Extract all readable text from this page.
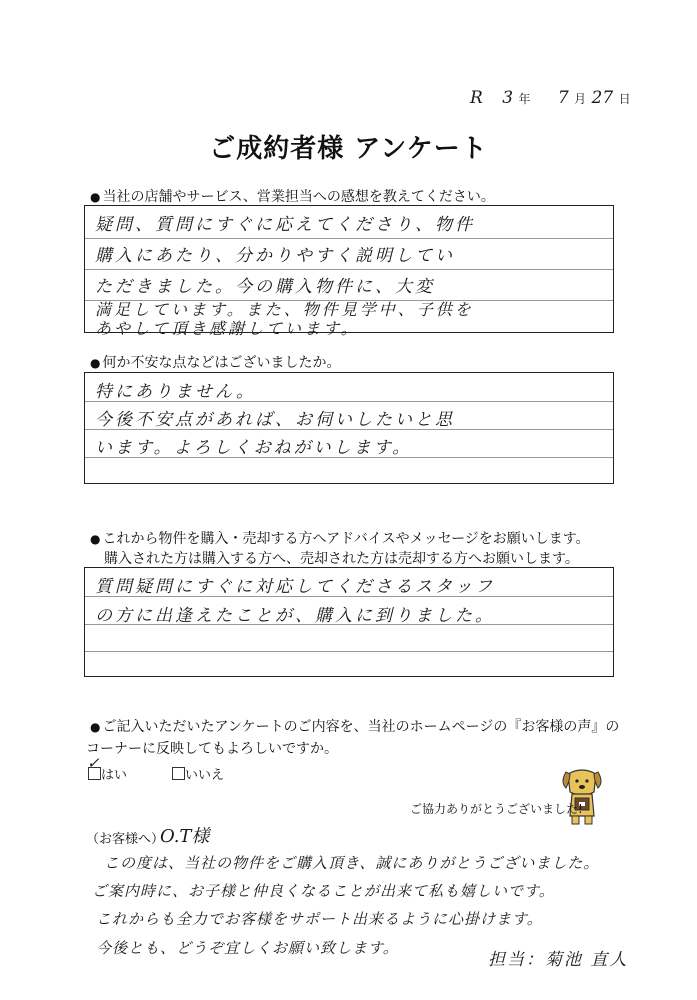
R 3 年 7 月 27 日
ご成約者様 アンケート
● 当社の店舗やサービス、営業担当への感想を教えてください。
疑問、質問にすぐに応えてくださり、物件
購入にあたり、分かりやすく説明してい
ただきました。今の購入物件に、大変
満足しています。また、物件見学中、子供を
あやして頂き感謝しています。
● 何か不安な点などはございましたか。
特にありません。
今後不安点があれば、お伺いしたいと思
います。よろしくおねがいします。
● これから物件を購入・売却する方へアドバイスやメッセージをお願いします。
購入された方は購入する方へ、売却された方は売却する方へお願いします。
質問疑問にすぐに対応してくださるスタッフ
の方に出逢えたことが、購入に到りました。
● ご記入いただいたアンケートのご内容を、当社のホームページの『お客様の声』の
コーナーに反映してもよろしいですか。
✓
はい	いいえ
ご協力ありがとうございました!
（お客様へ）
O.T様
この度は、当社の物件をご購入頂き、誠にありがとうございました。
ご案内時に、お子様と仲良くなることが出来て私も嬉しいです。
これからも全力でお客様をサポート出来るように心掛けます。
今後とも、どうぞ宜しくお願い致します。
担当：菊池 直人
